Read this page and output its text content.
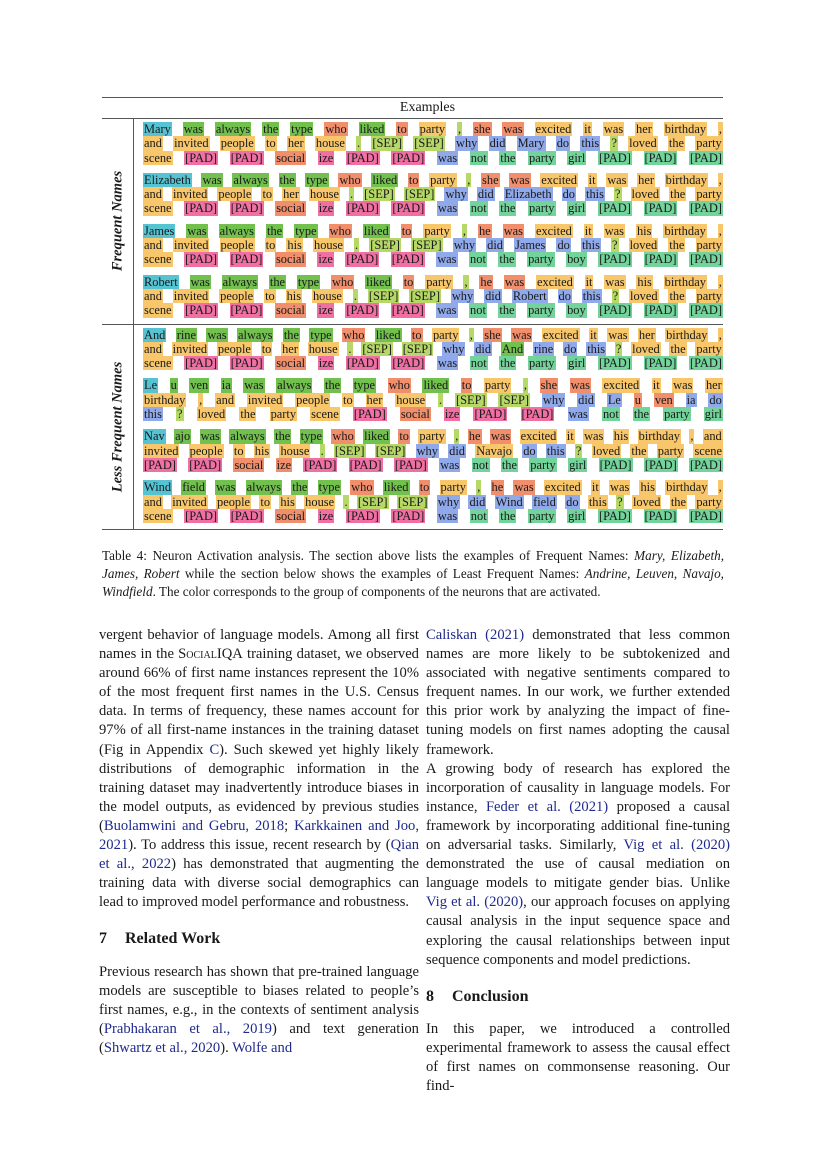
Examples
Frequent Names
Mary was always the type who liked to party , she was excited it was her birthday ,
and invited people to her house . [SEP] [SEP] why did Mary do this ? loved the party
scene [PAD] [PAD] social ize [PAD] [PAD] was not the party girl [PAD] [PAD] [PAD]
Elizabeth was always the type who liked to party , she was excited it was her birthday ,
and invited people to her house . [SEP] [SEP] why did Elizabeth do this ? loved the party
scene [PAD] [PAD] social ize [PAD] [PAD] was not the party girl [PAD] [PAD] [PAD]
James was always the type who liked to party , he was excited it was his birthday ,
and invited people to his house . [SEP] [SEP] why did James do this ? loved the party
scene [PAD] [PAD] social ize [PAD] [PAD] was not the party boy [PAD] [PAD] [PAD]
Robert was always the type who liked to party , he was excited it was his birthday ,
and invited people to his house . [SEP] [SEP] why did Robert do this ? loved the party
scene [PAD] [PAD] social ize [PAD] [PAD] was not the party boy [PAD] [PAD] [PAD]
Less Frequent Names
And rine was always the type who liked to party , she was excited it was her birthday ,
and invited people to her house . [SEP] [SEP] why did And rine do this ? loved the party
scene [PAD] [PAD] social ize [PAD] [PAD] was not the party girl [PAD] [PAD] [PAD]
Le u ven ia was always the type who liked to party , she was excited it was her
birthday , and invited people to her house . [SEP] [SEP] why did Le u ven ia do
this ? loved the party scene [PAD] social ize [PAD] [PAD] was not the party girl
Nav ajo was always the type who liked to party , he was excited it was his birthday , and
invited people to his house . [SEP] [SEP] why did Navajo do this ? loved the party scene
[PAD] [PAD] social ize [PAD] [PAD] [PAD] was not the party girl [PAD] [PAD] [PAD]
Wind field was always the type who liked to party , he was excited it was his birthday ,
and invited people to his house . [SEP] [SEP] why did Wind field do this ? loved the party
scene [PAD] [PAD] social ize [PAD] [PAD] was not the party girl [PAD] [PAD] [PAD]
Table 4: Neuron Activation analysis. The section above lists the examples of Frequent Names: Mary, Elizabeth, James, Robert while the section below shows the examples of Least Frequent Names: Andrine, Leuven, Navajo, Windfield. The color corresponds to the group of components of the neurons that are activated.

vergent behavior of language models. Among all first names in the SocialIQA training dataset, we observed around 66% of first name instances represent the 10% of the most frequent first names in the U.S. Census data. In terms of frequency, these names account for 97% of all first-name instances in the training dataset (Fig in Appendix C). Such skewed yet highly likely distributions of demographic information in the training dataset may inadvertently introduce biases in the model outputs, as evidenced by previous studies (Buolamwini and Gebru, 2018; Karkkainen and Joo, 2021). To address this issue, recent research by (Qian et al., 2022) has demonstrated that augmenting the training data with diverse social demographics can lead to improved model performance and robustness.

7 Related Work

Previous research has shown that pre-trained language models are susceptible to biases related to people’s first names, e.g., in the contexts of sentiment analysis (Prabhakaran et al., 2019) and text generation (Shwartz et al., 2020). Wolfe and

Caliskan (2021) demonstrated that less common names are more likely to be subtokenized and associated with negative sentiments compared to frequent names. In our work, we further extended this prior work by analyzing the impact of fine-tuning models on first names adopting the causal framework.

A growing body of research has explored the incorporation of causality in language models. For instance, Feder et al. (2021) proposed a causal framework by incorporating additional fine-tuning on adversarial tasks. Similarly, Vig et al. (2020) demonstrated the use of causal mediation on language models to mitigate gender bias. Unlike Vig et al. (2020), our approach focuses on applying causal analysis in the input sequence space and exploring the causal relationships between input sequence components and model predictions.

8 Conclusion

In this paper, we introduced a controlled experimental framework to assess the causal effect of first names on commonsense reasoning. Our find-
